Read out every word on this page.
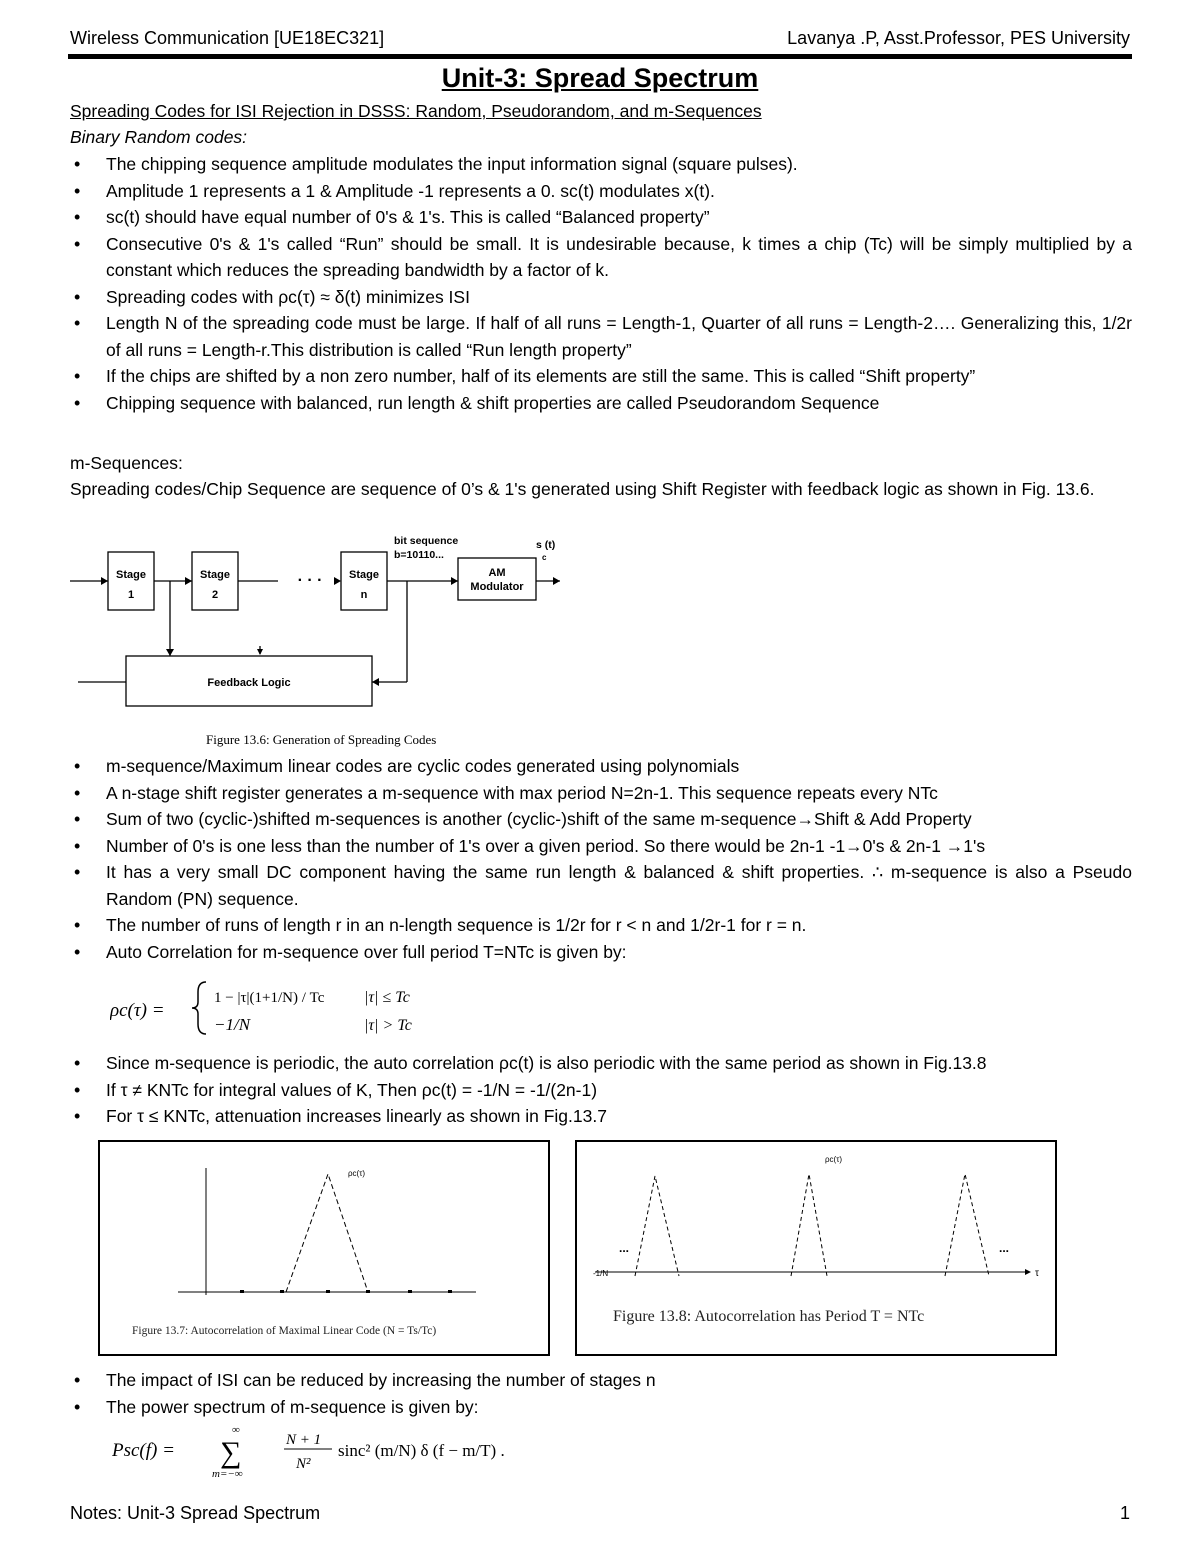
Wireless Communication [UE18EC321]	Lavanya .P, Asst.Professor, PES University
Unit-3: Spread Spectrum
Spreading Codes for ISI Rejection in DSSS: Random, Pseudorandom, and m-Sequences
Binary Random codes:
• The chipping sequence amplitude modulates the input information signal (square pulses).
• Amplitude 1 represents a 1 & Amplitude -1 represents a 0. sc(t) modulates x(t).
• sc(t) should have equal number of 0's & 1's. This is called “Balanced property”
• Consecutive 0's & 1's called “Run” should be small. It is undesirable because, k times a chip (Tc) will be simply multiplied by a constant which reduces the spreading bandwidth by a factor of k.
• Spreading codes with ρc(τ) ≈ δ(t) minimizes ISI
• Length N of the spreading code must be large. If half of all runs = Length-1, Quarter of all runs = Length-2…. Generalizing this, 1/2r of all runs = Length-r.This distribution is called “Run length property”
• If the chips are shifted by a non zero number, half of its elements are still the same. This is called “Shift property”
• Chipping sequence with balanced, run length & shift properties are called Pseudorandom Sequence
m-Sequences:
Spreading codes/Chip Sequence are sequence of 0’s & 1's generated using Shift Register with feedback logic as shown in Fig. 13.6.
Stage
1
Stage
2
Stage
n
AM
Modulator
Feedback Logic
· · ·
bit sequence
b=10110...
s (t)
c
Figure 13.6: Generation of Spreading Codes
• m-sequence/Maximum linear codes are cyclic codes generated using polynomials
• A n-stage shift register generates a m-sequence with max period N=2n-1. This sequence repeats every NTc
• Sum of two (cyclic-)shifted m-sequences is another (cyclic-)shift of the same m-sequence→Shift & Add Property
• Number of 0's is one less than the number of 1's over a given period. So there would be 2n-1 -1→0's & 2n-1 →1's
• It has a very small DC component having the same run length & balanced & shift properties. ∴ m-sequence is also a Pseudo Random (PN) sequence.
• The number of runs of length r in an n-length sequence is 1/2r for r < n and 1/2r-1 for r = n.
• Auto Correlation for m-sequence over full period T=NTc is given by:
ρc(τ) =
1 − |τ|(1+1/N) / Tc |τ| ≤ Tc
−1/N	|τ| > Tc
• Since m-sequence is periodic, the auto correlation ρc(t) is also periodic with the same period as shown in Fig.13.8
• If τ ≠ KNTc for integral values of K, Then ρc(t) = -1/N = -1/(2n-1)
• For τ ≤ KNTc, attenuation increases linearly as shown in Fig.13.7
ρc(τ)
Figure 13.7: Autocorrelation of Maximal Linear Code (N = Ts/Tc)
τ
-1/N
...	...
ρc(τ)
Figure 13.8: Autocorrelation has Period T = NTc
• The impact of ISI can be reduced by increasing the number of stages n
• The power spectrum of m-sequence is given by:
Psc(f) =
∞
∑
m=−∞
N + 1
N²
sinc² (m/N) δ (f − m/T) .
Notes: Unit-3 Spread Spectrum	1
